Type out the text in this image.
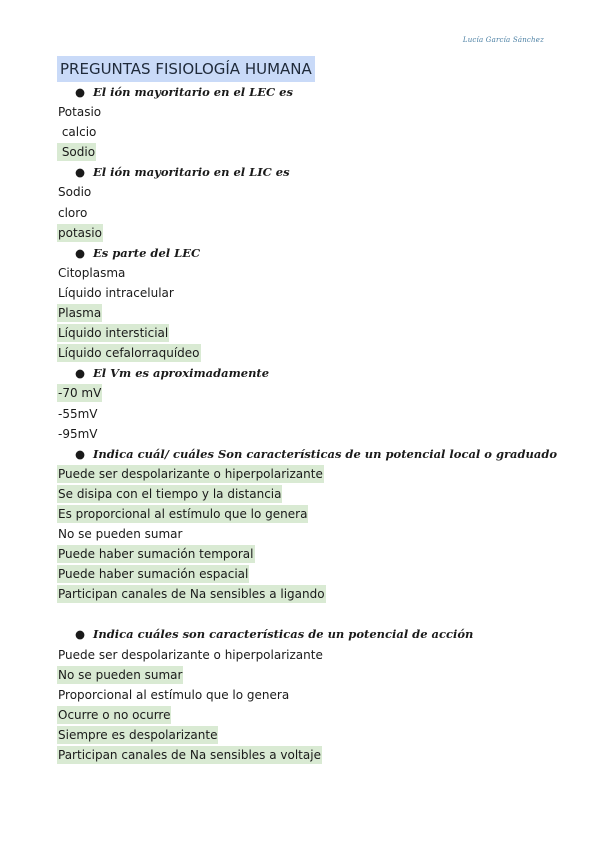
Lucía García Sánchez
PREGUNTAS FISIOLOGÍA HUMANA
● El ión mayoritario en el LEC es
Potasio
calcio
Sodio
● El ión mayoritario en el LIC es
Sodio
cloro
potasio
● Es parte del LEC
Citoplasma
Líquido intracelular
Plasma
Líquido intersticial
Líquido cefalorraquídeo
● El Vm es aproximadamente
-70 mV
-55mV
-95mV
● Indica cuál/ cuáles Son características de un potencial local o graduado
Puede ser despolarizante o hiperpolarizante
Se disipa con el tiempo y la distancia
Es proporcional al estímulo que lo genera
No se pueden sumar
Puede haber sumación temporal
Puede haber sumación espacial
Participan canales de Na sensibles a ligando
● Indica cuáles son características de un potencial de acción
Puede ser despolarizante o hiperpolarizante
No se pueden sumar
Proporcional al estímulo que lo genera
Ocurre o no ocurre
Siempre es despolarizante
Participan canales de Na sensibles a voltaje
